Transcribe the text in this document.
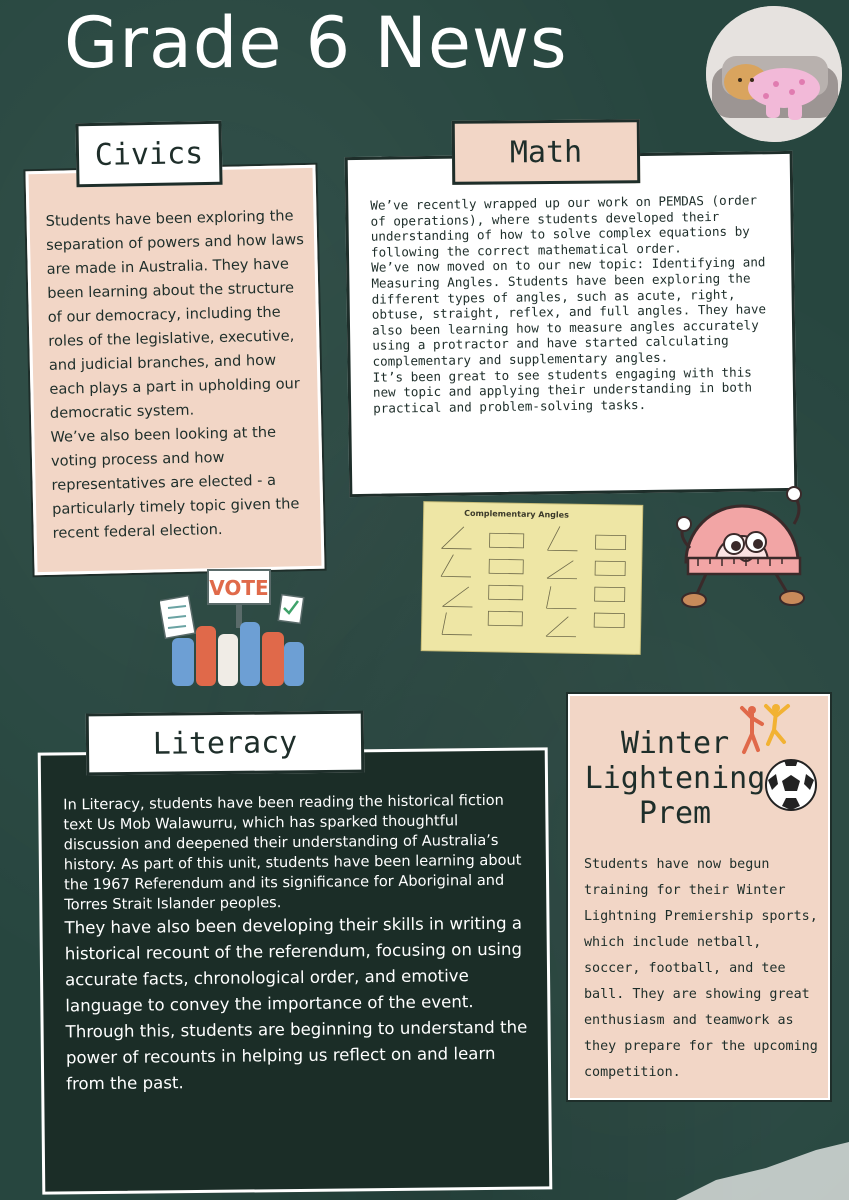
Grade 6 News

Students have been exploring the separation of powers and how laws are made in Australia. They have been learning about the structure of our democracy, including the roles of the legislative, executive, and judicial branches, and how each plays a part in upholding our democratic system.

We’ve also been looking at the voting process and how representatives are elected - a particularly timely topic given the recent federal election.

Civics
VOTE

We’ve recently wrapped up our work on PEMDAS (order of operations), where students developed their understanding of how to solve complex equations by following the correct mathematical order.

We’ve now moved on to our new topic: Identifying and Measuring Angles. Students have been exploring the different types of angles, such as acute, right, obtuse, straight, reflex, and full angles. They have also been learning how to measure angles accurately using a protractor and have started calculating complementary and supplementary angles.

It’s been great to see students engaging with this new topic and applying their understanding in both practical and problem-solving tasks.

Math
Complementary Angles

In Literacy, students have been reading the historical fiction text Us Mob Walawurru, which has sparked thoughtful discussion and deepened their understanding of Australia’s history. As part of this unit, students have been learning about the 1967 Referendum and its significance for Aboriginal and Torres Strait Islander peoples.

They have also been developing their skills in writing a historical recount of the referendum, focusing on using accurate facts, chronological order, and emotive language to convey the importance of the event. Through this, students are beginning to understand the power of recounts in helping us reflect on and learn from the past.

Literacy	Winter
Lightening
Prem
Students have now begun training for their Winter Lightning Premiership sports, which include netball, soccer, football, and tee ball. They are showing great enthusiasm and teamwork as they prepare for the upcoming competition.
